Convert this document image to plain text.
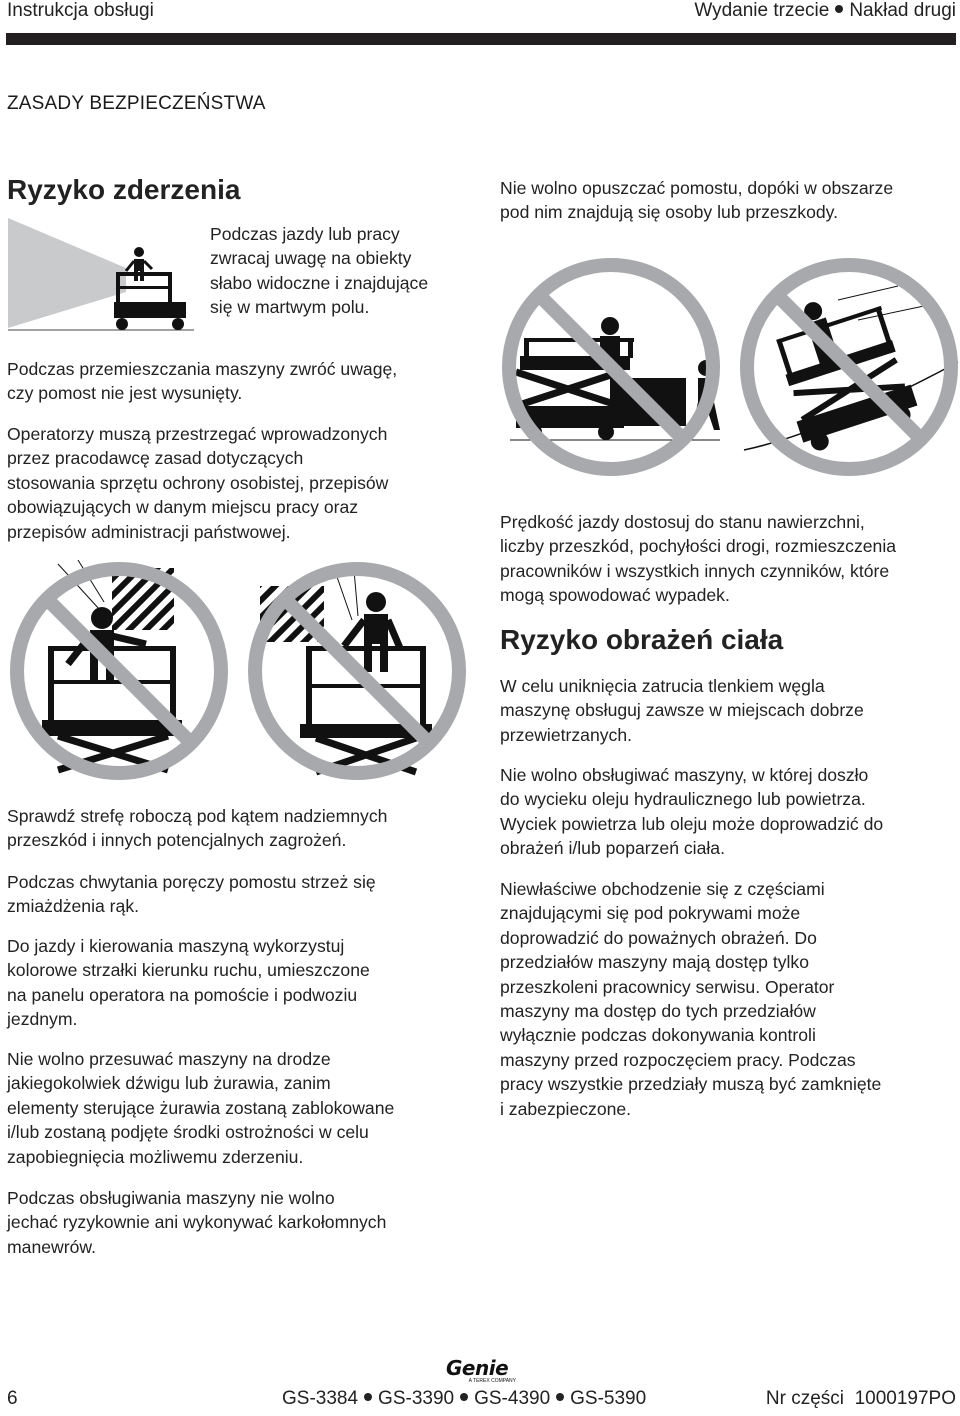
Instrukcja obsługi	Wydanie trzecie Nakład drugi
ZASADY BEZPIECZEŃSTWA
Ryzyko zderzenia

Podczas jazdy lub pracy

zwracaj uwagę na obiekty

słabo widoczne i znajdujące

się w martwym polu.

Podczas przemieszczania maszyny zwróć uwagę,

czy pomost nie jest wysunięty.

Operatorzy muszą przestrzegać wprowadzonych

przez pracodawcę zasad dotyczących

stosowania sprzętu ochrony osobistej, przepisów

obowiązujących w danym miejscu pracy oraz

przepisów administracji państwowej.

Sprawdź strefę roboczą pod kątem nadziemnych

przeszkód i innych potencjalnych zagrożeń.

Podczas chwytania poręczy pomostu strzeż się

zmiażdżenia rąk.

Do jazdy i kierowania maszyną wykorzystuj

kolorowe strzałki kierunku ruchu, umieszczone

na panelu operatora na pomoście i podwoziu

jezdnym.

Nie wolno przesuwać maszyny na drodze

jakiegokolwiek dźwigu lub żurawia, zanim

elementy sterujące żurawia zostaną zablokowane

i/lub zostaną podjęte środki ostrożności w celu

zapobiegnięcia możliwemu zderzeniu.

Podczas obsługiwania maszyny nie wolno

jechać ryzykownie ani wykonywać karkołomnych

manewrów.

Nie wolno opuszczać pomostu, dopóki w obszarze

pod nim znajdują się osoby lub przeszkody.

Prędkość jazdy dostosuj do stanu nawierzchni,

liczby przeszkód, pochyłości drogi, rozmieszczenia

pracowników i wszystkich innych czynników, które

mogą spowodować wypadek.

Ryzyko obrażeń ciała

W celu uniknięcia zatrucia tlenkiem węgla

maszynę obsługuj zawsze w miejscach dobrze

przewietrzanych.

Nie wolno obsługiwać maszyny, w której doszło

do wycieku oleju hydraulicznego lub powietrza.

Wyciek powietrza lub oleju może doprowadzić do

obrażeń i/lub poparzeń ciała.

Niewłaściwe obchodzenie się z częściami

znajdującymi się pod pokrywami może

doprowadzić do poważnych obrażeń. Do

przedziałów maszyny mają dostęp tylko

przeszkoleni pracownicy serwisu. Operator

maszyny ma dostęp do tych przedziałów

wyłącznie podczas dokonywania kontroli

maszyny przed rozpoczęciem pracy. Podczas

pracy wszystkie przedziały muszą być zamknięte

i zabezpieczone.

Genie
A TEREX COMPANY
6	GS-3384 GS-3390 GS-4390 GS-5390	Nr części  1000197PO
